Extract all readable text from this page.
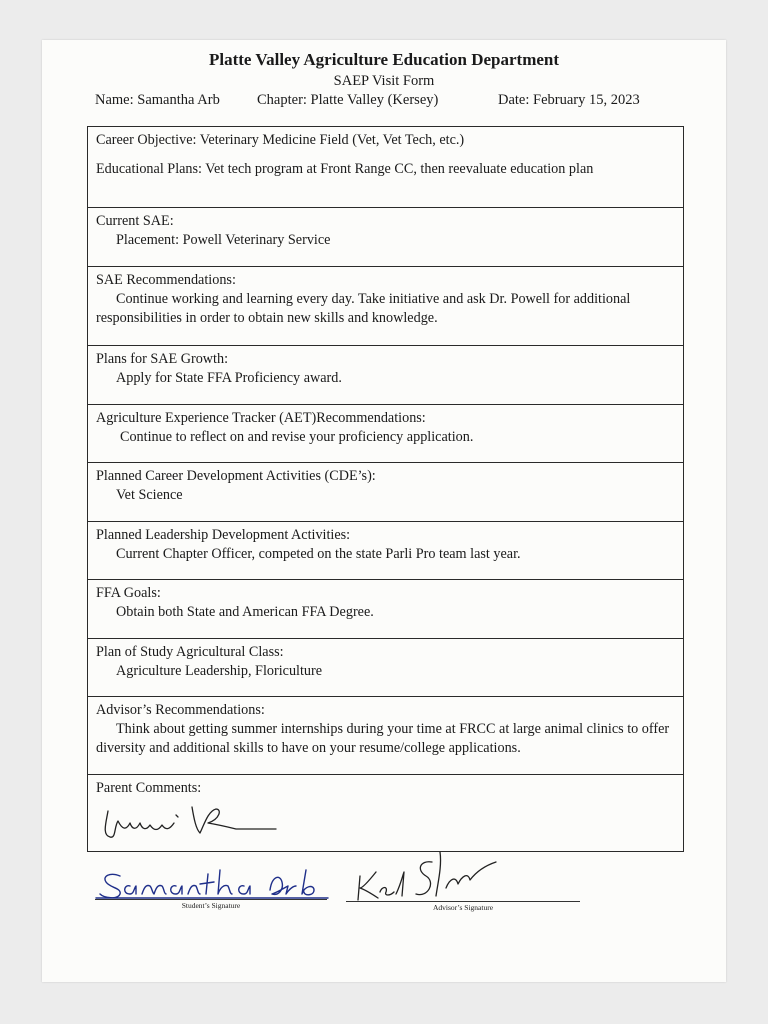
Platte Valley Agriculture Education Department
SAEP Visit Form
Name: Samantha Arb	Chapter: Platte Valley (Kersey)	Date: February 15, 2023
Career Objective: Veterinary Medicine Field (Vet, Vet Tech, etc.)
Educational Plans: Vet tech program at Front Range CC, then reevaluate education plan
Current SAE:
Placement: Powell Veterinary Service
SAE Recommendations:
Continue working and learning every day. Take initiative and ask Dr. Powell for additional responsibilities in order to obtain new skills and knowledge.
Plans for SAE Growth:
Apply for State FFA Proficiency award.
Agriculture Experience Tracker (AET)Recommendations:
Continue to reflect on and revise your proficiency application.
Planned Career Development Activities (CDE’s):
Vet Science
Planned Leadership Development Activities:
Current Chapter Officer, competed on the state Parli Pro team last year.
FFA Goals:
Obtain both State and American FFA Degree.
Plan of Study Agricultural Class:
Agriculture Leadership, Floriculture
Advisor’s Recommendations:
Think about getting summer internships during your time at FRCC at large animal clinics to offer diversity and additional skills to have on your resume/college applications.
Parent Comments:
Student’s Signature	Advisor’s Signature
